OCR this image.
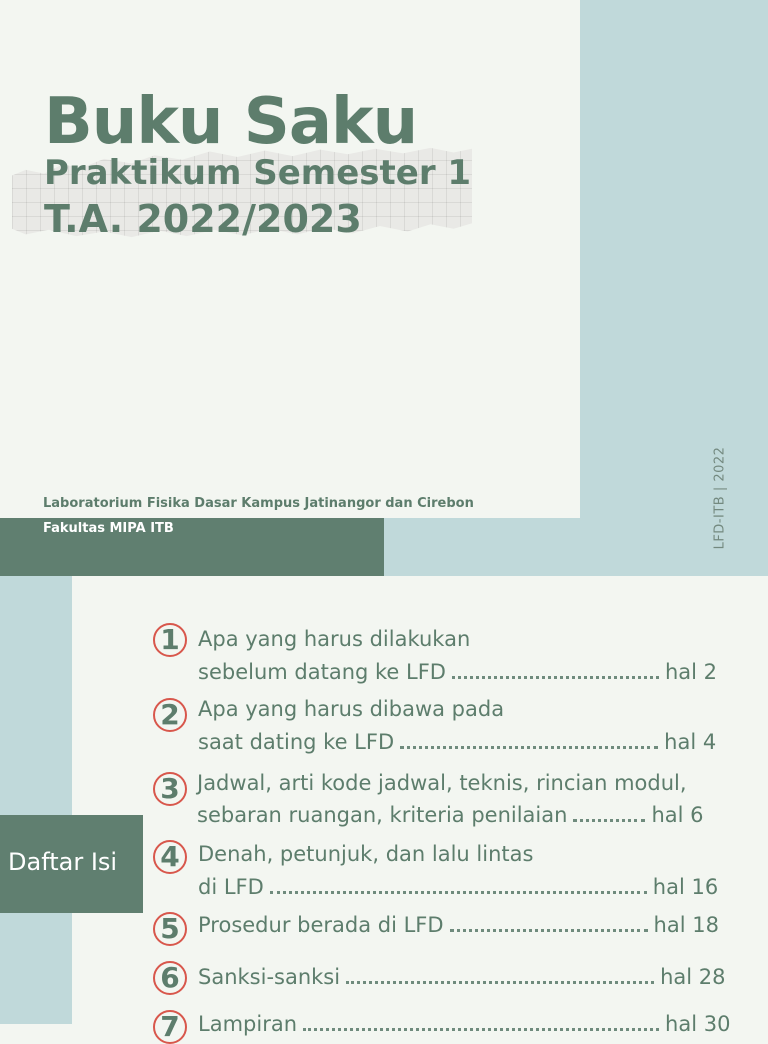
Buku Saku
Praktikum Semester 1
T.A. 2022/2023
Laboratorium Fisika Dasar Kampus Jatinangor dan Cirebon
Fakultas MIPA ITB	LFD-ITB | 2022
Daftar Isi
1 Apa yang harus dilakukan
sebelum datang ke LFD	hal 2
2 Apa yang harus dibawa pada
saat dating ke LFD	hal 4
3 Jadwal, arti kode jadwal, teknis, rincian modul,
sebaran ruangan, kriteria penilaian	hal 6
4 Denah, petunjuk, dan lalu lintas
di LFD	hal 16
5 Prosedur berada di LFD	hal 18
6 Sanksi-sanksi	hal 28
7 Lampiran	hal 30
